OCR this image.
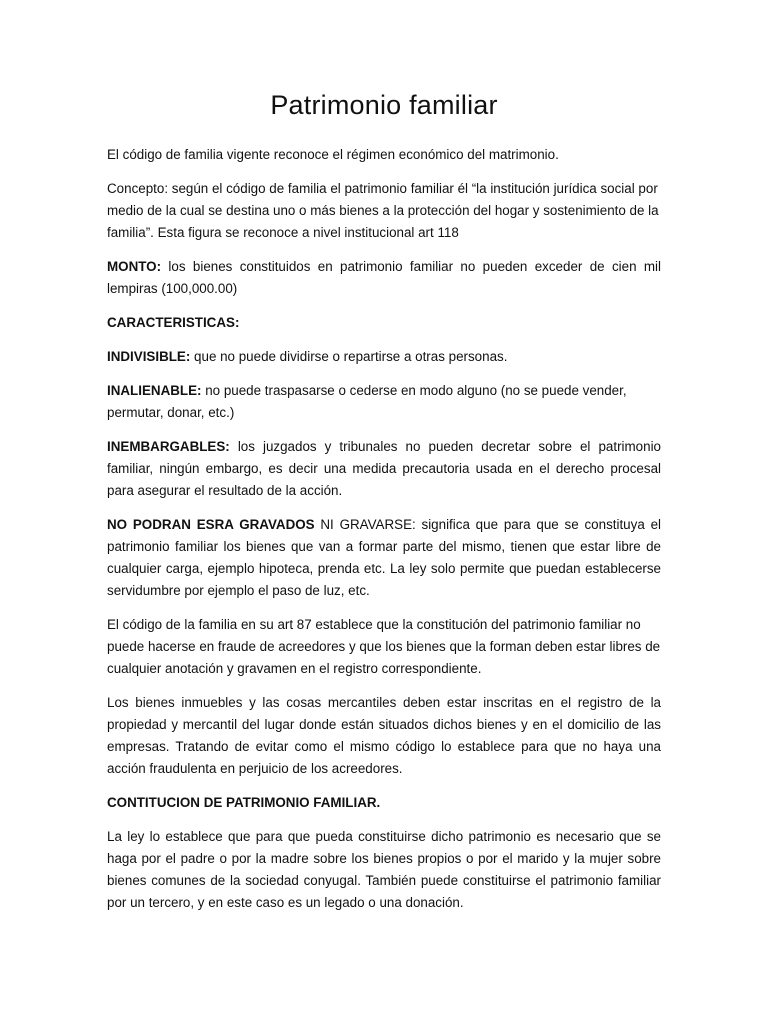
Patrimonio familiar

El código de familia vigente reconoce el régimen económico del matrimonio.

Concepto: según el código de familia el patrimonio familiar él “la institución jurídica social por medio de la cual se destina uno o más bienes a la protección del hogar y sostenimiento de la familia”. Esta figura se reconoce a nivel institucional art 118

MONTO: los bienes constituidos en patrimonio familiar no pueden exceder de cien mil lempiras (100,000.00)

CARACTERISTICAS:

INDIVISIBLE: que no puede dividirse o repartirse a otras personas.

INALIENABLE: no puede traspasarse o cederse en modo alguno (no se puede vender, permutar, donar, etc.)

INEMBARGABLES: los juzgados y tribunales no pueden decretar sobre el patrimonio familiar, ningún embargo, es decir una medida precautoria usada en el derecho procesal para asegurar el resultado de la acción.

NO PODRAN ESRA GRAVADOS NI GRAVARSE: significa que para que se constituya el patrimonio familiar los bienes que van a formar parte del mismo, tienen que estar libre de cualquier carga, ejemplo hipoteca, prenda etc. La ley solo permite que puedan establecerse servidumbre por ejemplo el paso de luz, etc.

El código de la familia en su art 87 establece que la constitución del patrimonio familiar no puede hacerse en fraude de acreedores y que los bienes que la forman deben estar libres de cualquier anotación y gravamen en el registro correspondiente.

Los bienes inmuebles y las cosas mercantiles deben estar inscritas en el registro de la propiedad y mercantil del lugar donde están situados dichos bienes y en el domicilio de las empresas. Tratando de evitar como el mismo código lo establece para que no haya una acción fraudulenta en perjuicio de los acreedores.

CONTITUCION DE PATRIMONIO FAMILIAR.

La ley lo establece que para que pueda constituirse dicho patrimonio es necesario que se haga por el padre o por la madre sobre los bienes propios o por el marido y la mujer sobre bienes comunes de la sociedad conyugal. También puede constituirse el patrimonio familiar por un tercero, y en este caso es un legado o una donación.
